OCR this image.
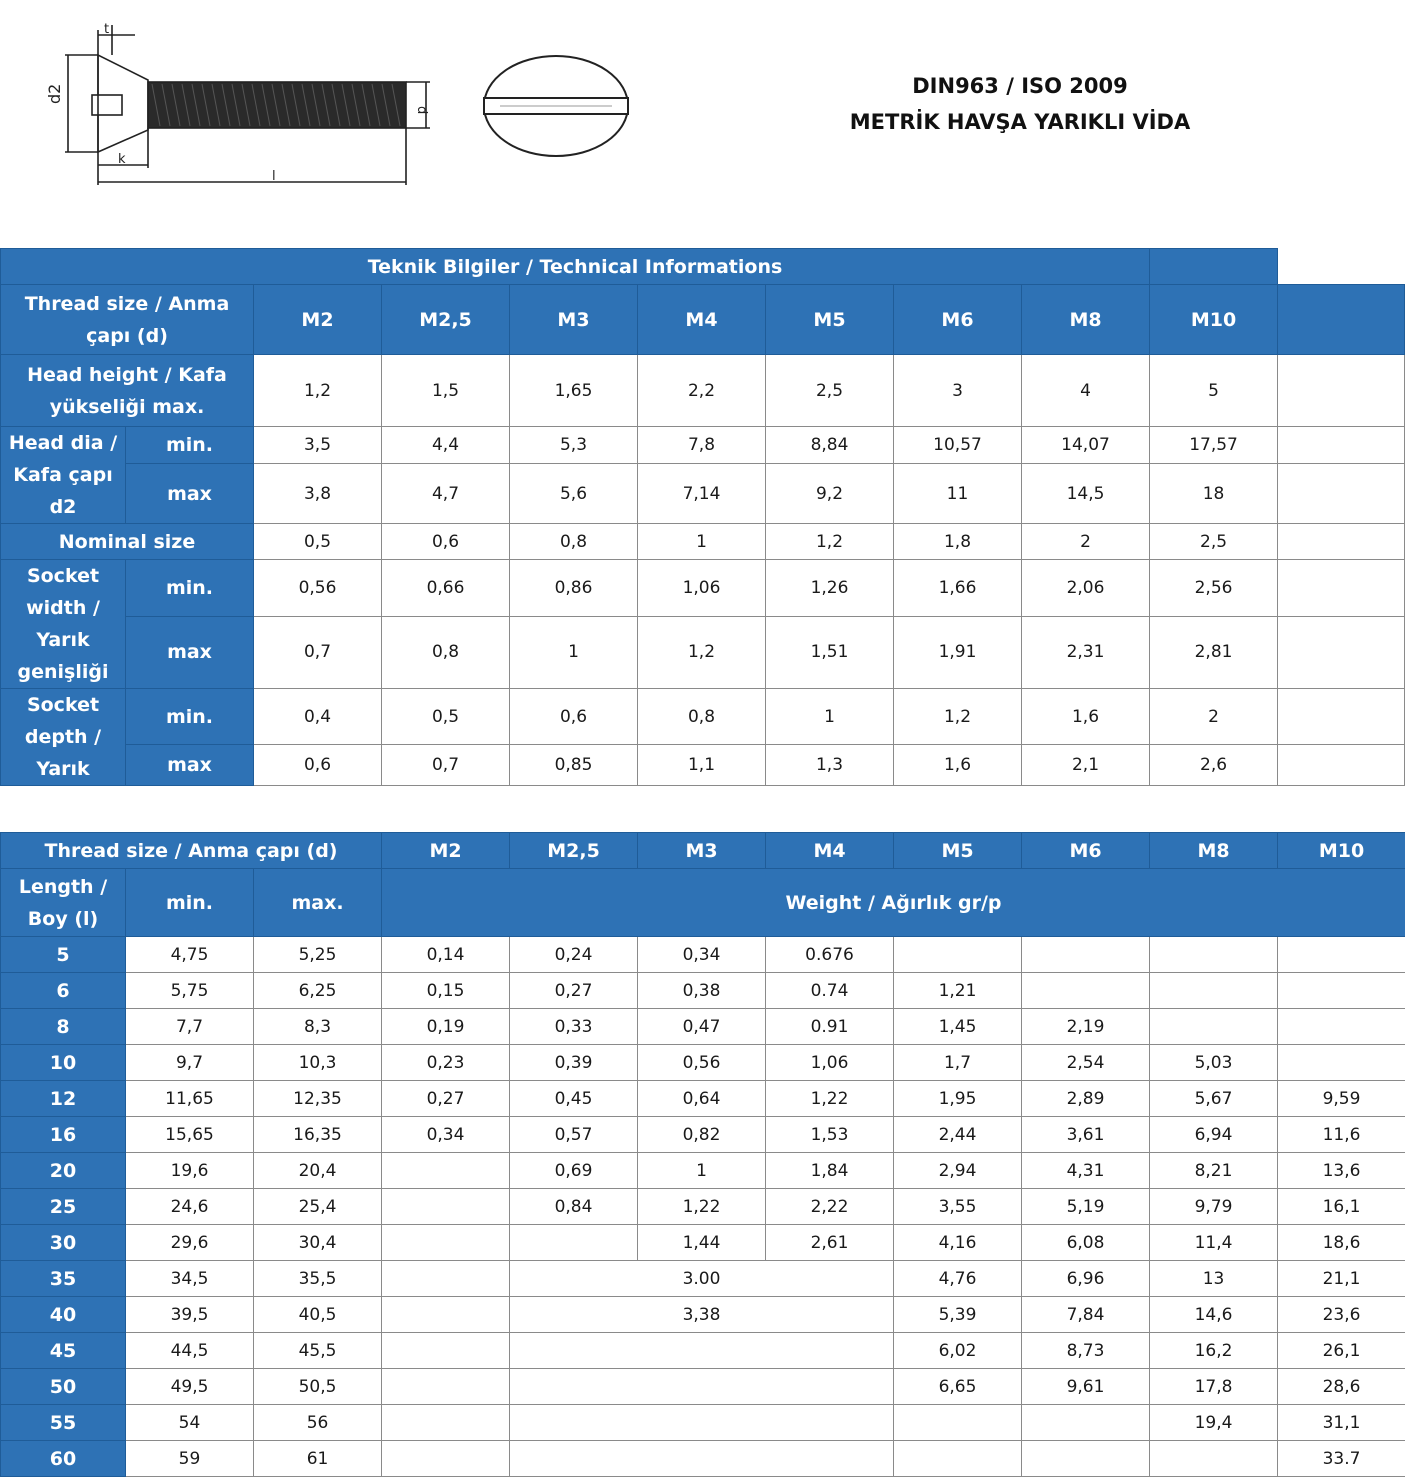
d2
t
k
l
d
DIN963 / ISO 2009
METRİK HAVŞA YARIKLI VİDA
Teknik Bilgiler / Technical Informations										
Thread size / Anma çapı (d)		M2	M2,5	M3	M4	M5	M6	M8	M10	
Head height / Kafa yükseliği max.		1,2	1,5	1,65	2,2	2,5	3	4	5	
Head dia / Kafa çapı d2	min.	3,5	4,4	5,3	7,8	8,84	10,57	14,07	17,57	
	max	3,8	4,7	5,6	7,14	9,2	11	14,5	18	
Nominal size		0,5	0,6	0,8	1	1,2	1,8	2	2,5	
Socket width / Yarık genişliği	min.	0,56	0,66	0,86	1,06	1,26	1,66	2,06	2,56	
	max	0,7	0,8	1	1,2	1,51	1,91	2,31	2,81	
Socket depth / Yarık	min.	0,4	0,5	0,6	0,8	1	1,2	1,6	2	
	max	0,6	0,7	0,85	1,1	1,3	1,6	2,1	2,6	
Thread size / Anma çapı (d)			M2	M2,5	M3	M4	M5	M6	M8	M10
Length / Boy (l)	min.	max.	Weight / Ağırlık gr/p							
5	4,75	5,25	0,14	0,24	0,34	0.676				
6	5,75	6,25	0,15	0,27	0,38	0.74	1,21			
8	7,7	8,3	0,19	0,33	0,47	0.91	1,45	2,19		
10	9,7	10,3	0,23	0,39	0,56	1,06	1,7	2,54	5,03	
12	11,65	12,35	0,27	0,45	0,64	1,22	1,95	2,89	5,67	9,59
16	15,65	16,35	0,34	0,57	0,82	1,53	2,44	3,61	6,94	11,6
20	19,6	20,4		0,69	1	1,84	2,94	4,31	8,21	13,6
25	24,6	25,4		0,84	1,22	2,22	3,55	5,19	9,79	16,1
30	29,6	30,4			1,44	2,61	4,16	6,08	11,4	18,6
35	34,5	35,5		3.00			4,76	6,96	13	21,1
40	39,5	40,5		3,38			5,39	7,84	14,6	23,6
45	44,5	45,5					6,02	8,73	16,2	26,1
50	49,5	50,5					6,65	9,61	17,8	28,6
55	54	56							19,4	31,1
60	59	61								33.7
